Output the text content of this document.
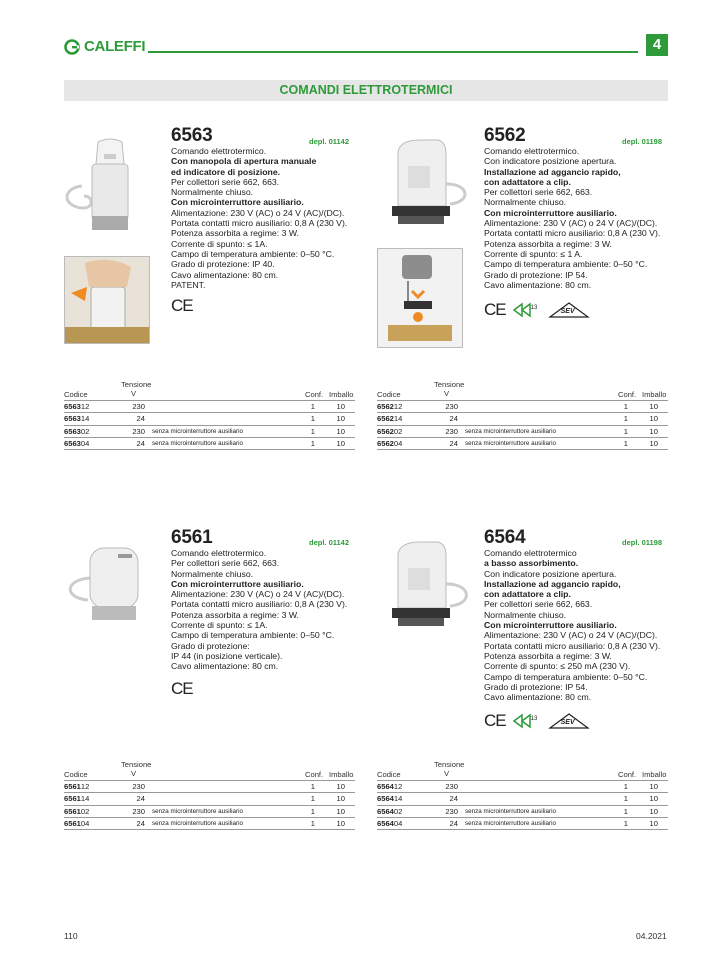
CALEFFI	4
COMANDI ELETTROTERMICI
6563	depl. 01142
Comando elettrotermico.
Con manopola di apertura manuale
ed indicatore di posizione.
Per collettori serie 662, 663.
Normalmente chiuso.
Con microinterruttore ausiliario.
Alimentazione: 230 V (AC) o 24 V (AC)/(DC).
Portata contatti micro ausiliario: 0,8 A (230 V).
Potenza assorbita a regime: 3 W.
Corrente di spunto: ≤ 1A.
Campo di temperatura ambiente: 0–50 °C.
Grado di protezione: IP 40.
Cavo alimentazione: 80 cm.
PATENT.
CE
Codice
Tensione
V	Conf. Imballo
656312	230	1	10
656314	24	1	10
656302	230 senza microinterruttore ausiliario	1	10
656304	24 senza microinterruttore ausiliario	1	10
6562	depl. 01198
Comando elettrotermico.
Con indicatore posizione apertura.
Installazione ad aggancio rapido,
con adattatore a clip.
Per collettori serie 662, 663.
Normalmente chiuso.
Con microinterruttore ausiliario.
Alimentazione: 230 V (AC) o 24 V (AC)/(DC).
Portata contatti micro ausiliario: 0,8 A (230 V).
Potenza assorbita a regime: 3 W.
Corrente di spunto: ≤ 1 A.
Campo di temperatura ambiente: 0–50 °C.
Grado di protezione: IP 54.
Cavo alimentazione: 80 cm.
CE	13	SEV
Codice
Tensione
V	Conf. Imballo
656212	230	1	10
656214	24	1	10
656202	230 senza microinterruttore ausiliario	1	10
656204	24 senza microinterruttore ausiliario	1	10
6561	depl. 01142
Comando elettrotermico.
Per collettori serie 662, 663.
Normalmente chiuso.
Con microinterruttore ausiliario.
Alimentazione: 230 V (AC) o 24 V (AC)/(DC).
Portata contatti micro ausiliario: 0,8 A (230 V).
Potenza assorbita a regime: 3 W.
Corrente di spunto: ≤ 1A.
Campo di temperatura ambiente: 0–50 °C.
Grado di protezione:
IP 44 (in posizione verticale).
Cavo alimentazione: 80 cm.
CE
Codice
Tensione
V	Conf. Imballo
656112	230	1	10
656114	24	1	10
656102	230 senza microinterruttore ausiliario	1	10
656104	24 senza microinterruttore ausiliario	1	10
6564	depl. 01198
Comando elettrotermico
a basso assorbimento.
Con indicatore posizione apertura.
Installazione ad aggancio rapido,
con adattatore a clip.
Per collettori serie 662, 663.
Normalmente chiuso.
Con microinterruttore ausiliario.
Alimentazione: 230 V (AC) o 24 V (AC)/(DC).
Portata contatti micro ausiliario: 0,8 A (230 V).
Potenza assorbita a regime: 3 W.
Corrente di spunto: ≤ 250 mA (230 V).
Campo di temperatura ambiente: 0–50 °C.
Grado di protezione: IP 54.
Cavo alimentazione: 80 cm.
CE	13	SEV
Codice
Tensione
V	Conf. Imballo
656412	230	1	10
656414	24	1	10
656402	230 senza microinterruttore ausiliario	1	10
656404	24 senza microinterruttore ausiliario	1	10
110	04.2021
